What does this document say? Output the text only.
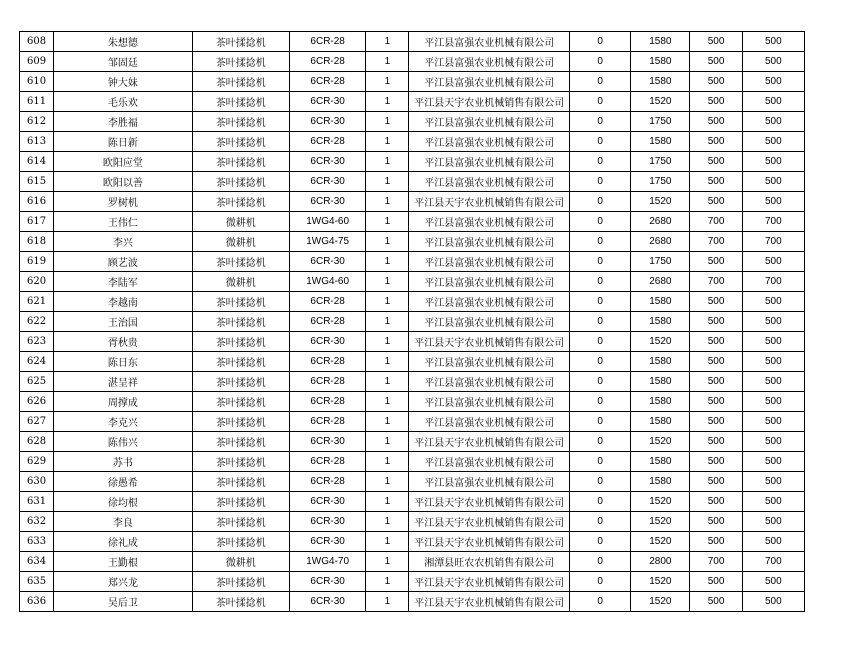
608	朱想德	茶叶揉捻机	6CR-28	1	平江县富强农业机械有限公司	0	1580	500	500
609	邹固廷	茶叶揉捻机	6CR-28	1	平江县富强农业机械有限公司	0	1580	500	500
610	钟大妹	茶叶揉捻机	6CR-28	1	平江县富强农业机械有限公司	0	1580	500	500
611	毛乐欢	茶叶揉捻机	6CR-30	1	平江县天宇农业机械销售有限公司	0	1520	500	500
612	李胜福	茶叶揉捻机	6CR-30	1	平江县富强农业机械有限公司	0	1750	500	500
613	陈日新	茶叶揉捻机	6CR-28	1	平江县富强农业机械有限公司	0	1580	500	500
614	欧阳应堂	茶叶揉捻机	6CR-30	1	平江县富强农业机械有限公司	0	1750	500	500
615	欧阳以善	茶叶揉捻机	6CR-30	1	平江县富强农业机械有限公司	0	1750	500	500
616	罗树机	茶叶揉捻机	6CR-30	1	平江县天宇农业机械销售有限公司	0	1520	500	500
617	王伟仁	微耕机	1WG4-60	1	平江县富强农业机械有限公司	0	2680	700	700
618	李兴	微耕机	1WG4-75	1	平江县富强农业机械有限公司	0	2680	700	700
619	顾艺波	茶叶揉捻机	6CR-30	1	平江县富强农业机械有限公司	0	1750	500	500
620	李陆军	微耕机	1WG4-60	1	平江县富强农业机械有限公司	0	2680	700	700
621	李越南	茶叶揉捻机	6CR-28	1	平江县富强农业机械有限公司	0	1580	500	500
622	王治国	茶叶揉捻机	6CR-28	1	平江县富强农业机械有限公司	0	1580	500	500
623	胥秋贵	茶叶揉捻机	6CR-30	1	平江县天宇农业机械销售有限公司	0	1520	500	500
624	陈日东	茶叶揉捻机	6CR-28	1	平江县富强农业机械有限公司	0	1580	500	500
625	湛呈祥	茶叶揉捻机	6CR-28	1	平江县富强农业机械有限公司	0	1580	500	500
626	周撑成	茶叶揉捻机	6CR-28	1	平江县富强农业机械有限公司	0	1580	500	500
627	李克兴	茶叶揉捻机	6CR-28	1	平江县富强农业机械有限公司	0	1580	500	500
628	陈伟兴	茶叶揉捻机	6CR-30	1	平江县天宇农业机械销售有限公司	0	1520	500	500
629	苏书	茶叶揉捻机	6CR-28	1	平江县富强农业机械有限公司	0	1580	500	500
630	徐愚希	茶叶揉捻机	6CR-28	1	平江县富强农业机械有限公司	0	1580	500	500
631	徐均根	茶叶揉捻机	6CR-30	1	平江县天宇农业机械销售有限公司	0	1520	500	500
632	李良	茶叶揉捻机	6CR-30	1	平江县天宇农业机械销售有限公司	0	1520	500	500
633	徐礼成	茶叶揉捻机	6CR-30	1	平江县天宇农业机械销售有限公司	0	1520	500	500
634	王勤根	微耕机	1WG4-70	1	湘潭县旺农农机销售有限公司	0	2800	700	700
635	郑兴龙	茶叶揉捻机	6CR-30	1	平江县天宇农业机械销售有限公司	0	1520	500	500
636	吴后卫	茶叶揉捻机	6CR-30	1	平江县天宇农业机械销售有限公司	0	1520	500	500
